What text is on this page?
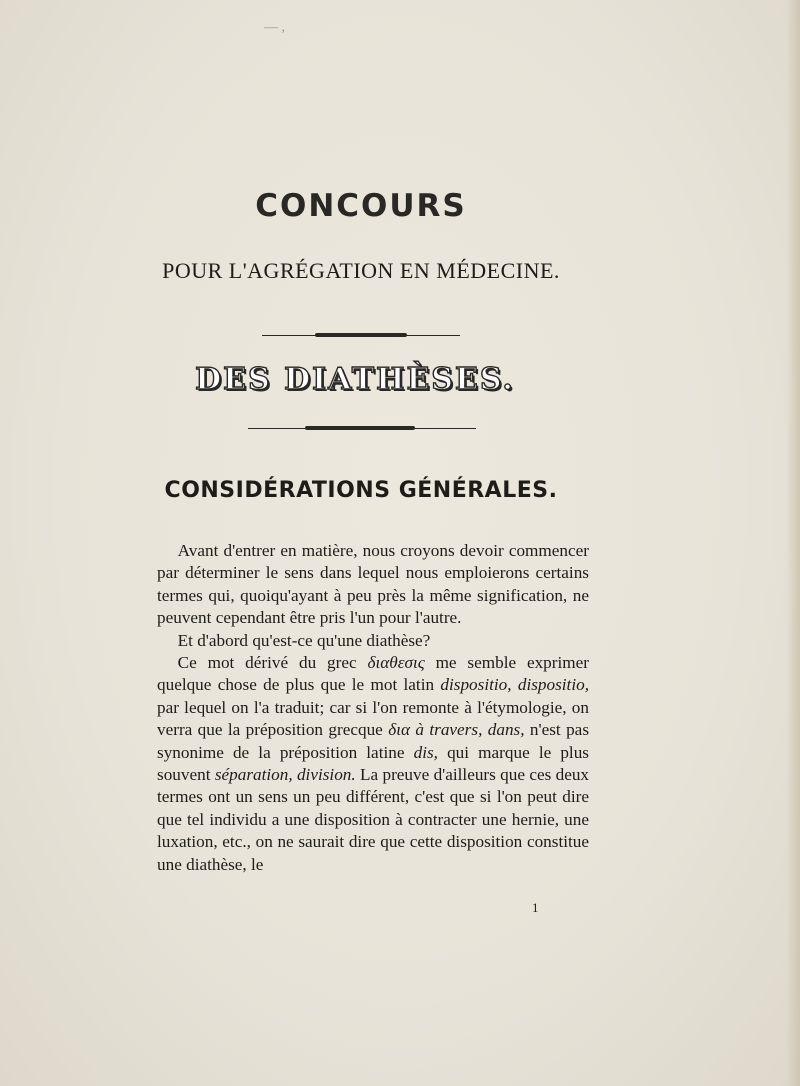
— ,
CONCOURS
POUR L'AGRÉGATION EN MÉDECINE.
DES DIATHÈSES.
CONSIDÉRATIONS GÉNÉRALES.

Avant d'entrer en matière, nous croyons devoir commencer par déterminer le sens dans lequel nous emploierons certains termes qui, quoiqu'ayant à peu près la même signification, ne peuvent cependant être pris l'un pour l'autre.

Et d'abord qu'est-ce qu'une diathèse?

Ce mot dérivé du grec διαθεσις me semble exprimer quelque chose de plus que le mot latin dispositio, dispositio, par lequel on l'a traduit; car si l'on remonte à l'étymologie, on verra que la préposition grecque δια à travers, dans, n'est pas synonime de la préposition latine dis, qui marque le plus souvent séparation, division. La preuve d'ailleurs que ces deux termes ont un sens un peu différent, c'est que si l'on peut dire que tel individu a une disposition à contracter une hernie, une luxation, etc., on ne saurait dire que cette disposition constitue une diathèse, le

1
